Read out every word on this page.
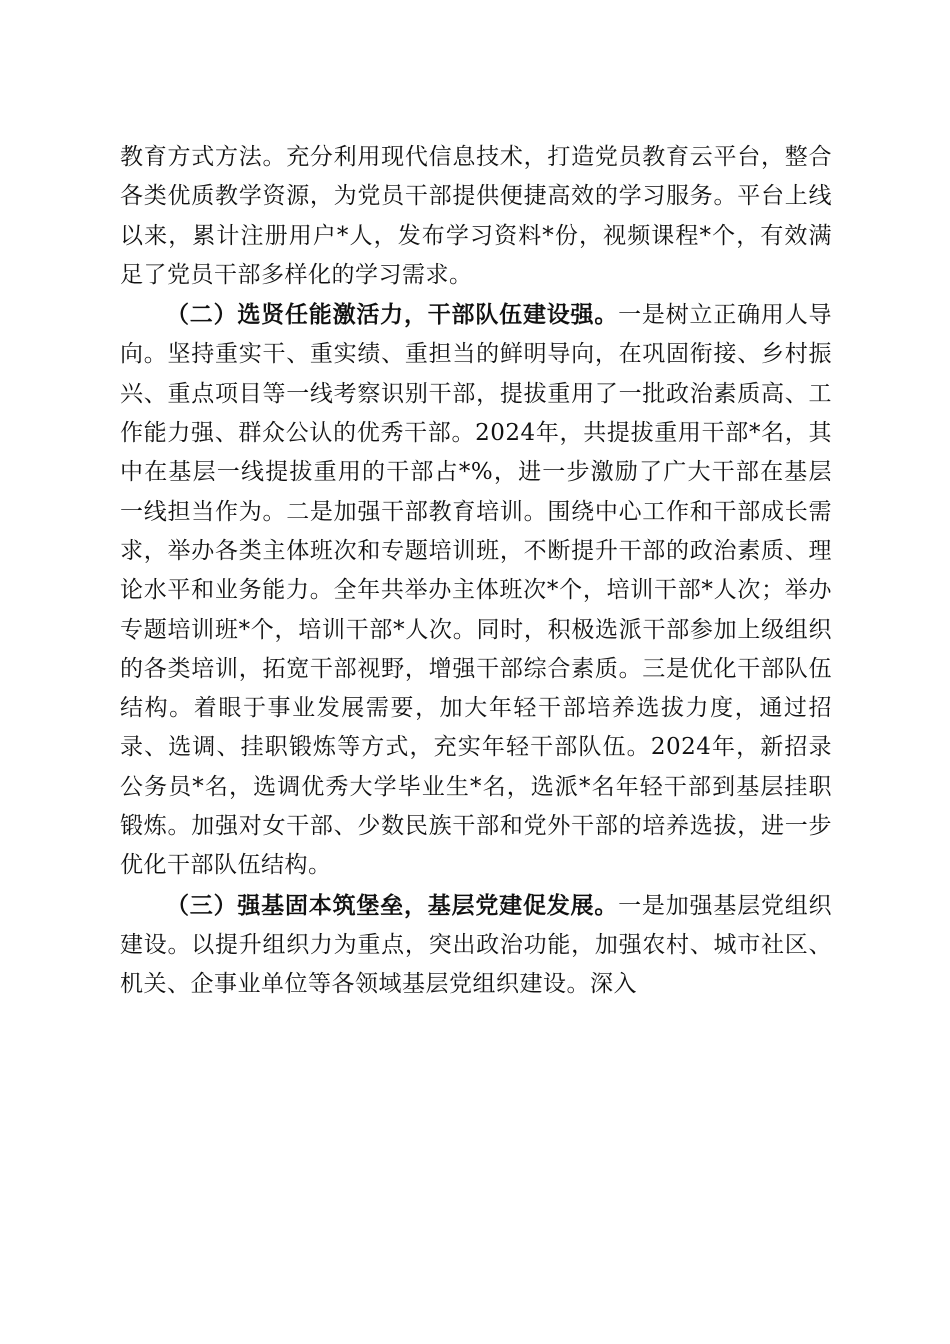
教育方式方法。充分利用现代信息技术，打造党员教育云平台，整合各类优质教学资源，为党员干部提供便捷高效的学习服务。平台上线以来，累计注册用户*人，发布学习资料*份，视频课程*个，有效满足了党员干部多样化的学习需求。

（二）选贤任能激活力，干部队伍建设强。一是树立正确用人导向。坚持重实干、重实绩、重担当的鲜明导向，在巩固衔接、乡村振兴、重点项目等一线考察识别干部，提拔重用了一批政治素质高、工作能力强、群众公认的优秀干部。2024年，共提拔重用干部*名，其中在基层一线提拔重用的干部占*%，进一步激励了广大干部在基层一线担当作为。二是加强干部教育培训。围绕中心工作和干部成长需求，举办各类主体班次和专题培训班，不断提升干部的政治素质、理论水平和业务能力。全年共举办主体班次*个，培训干部*人次；举办专题培训班*个，培训干部*人次。同时，积极选派干部参加上级组织的各类培训，拓宽干部视野，增强干部综合素质。三是优化干部队伍结构。着眼于事业发展需要，加大年轻干部培养选拔力度，通过招录、选调、挂职锻炼等方式，充实年轻干部队伍。2024年，新招录公务员*名，选调优秀大学毕业生*名，选派*名年轻干部到基层挂职锻炼。加强对女干部、少数民族干部和党外干部的培养选拔，进一步优化干部队伍结构。

（三）强基固本筑堡垒，基层党建促发展。一是加强基层党组织建设。以提升组织力为重点，突出政治功能，加强农村、城市社区、机关、企事业单位等各领域基层党组织建设。深入
